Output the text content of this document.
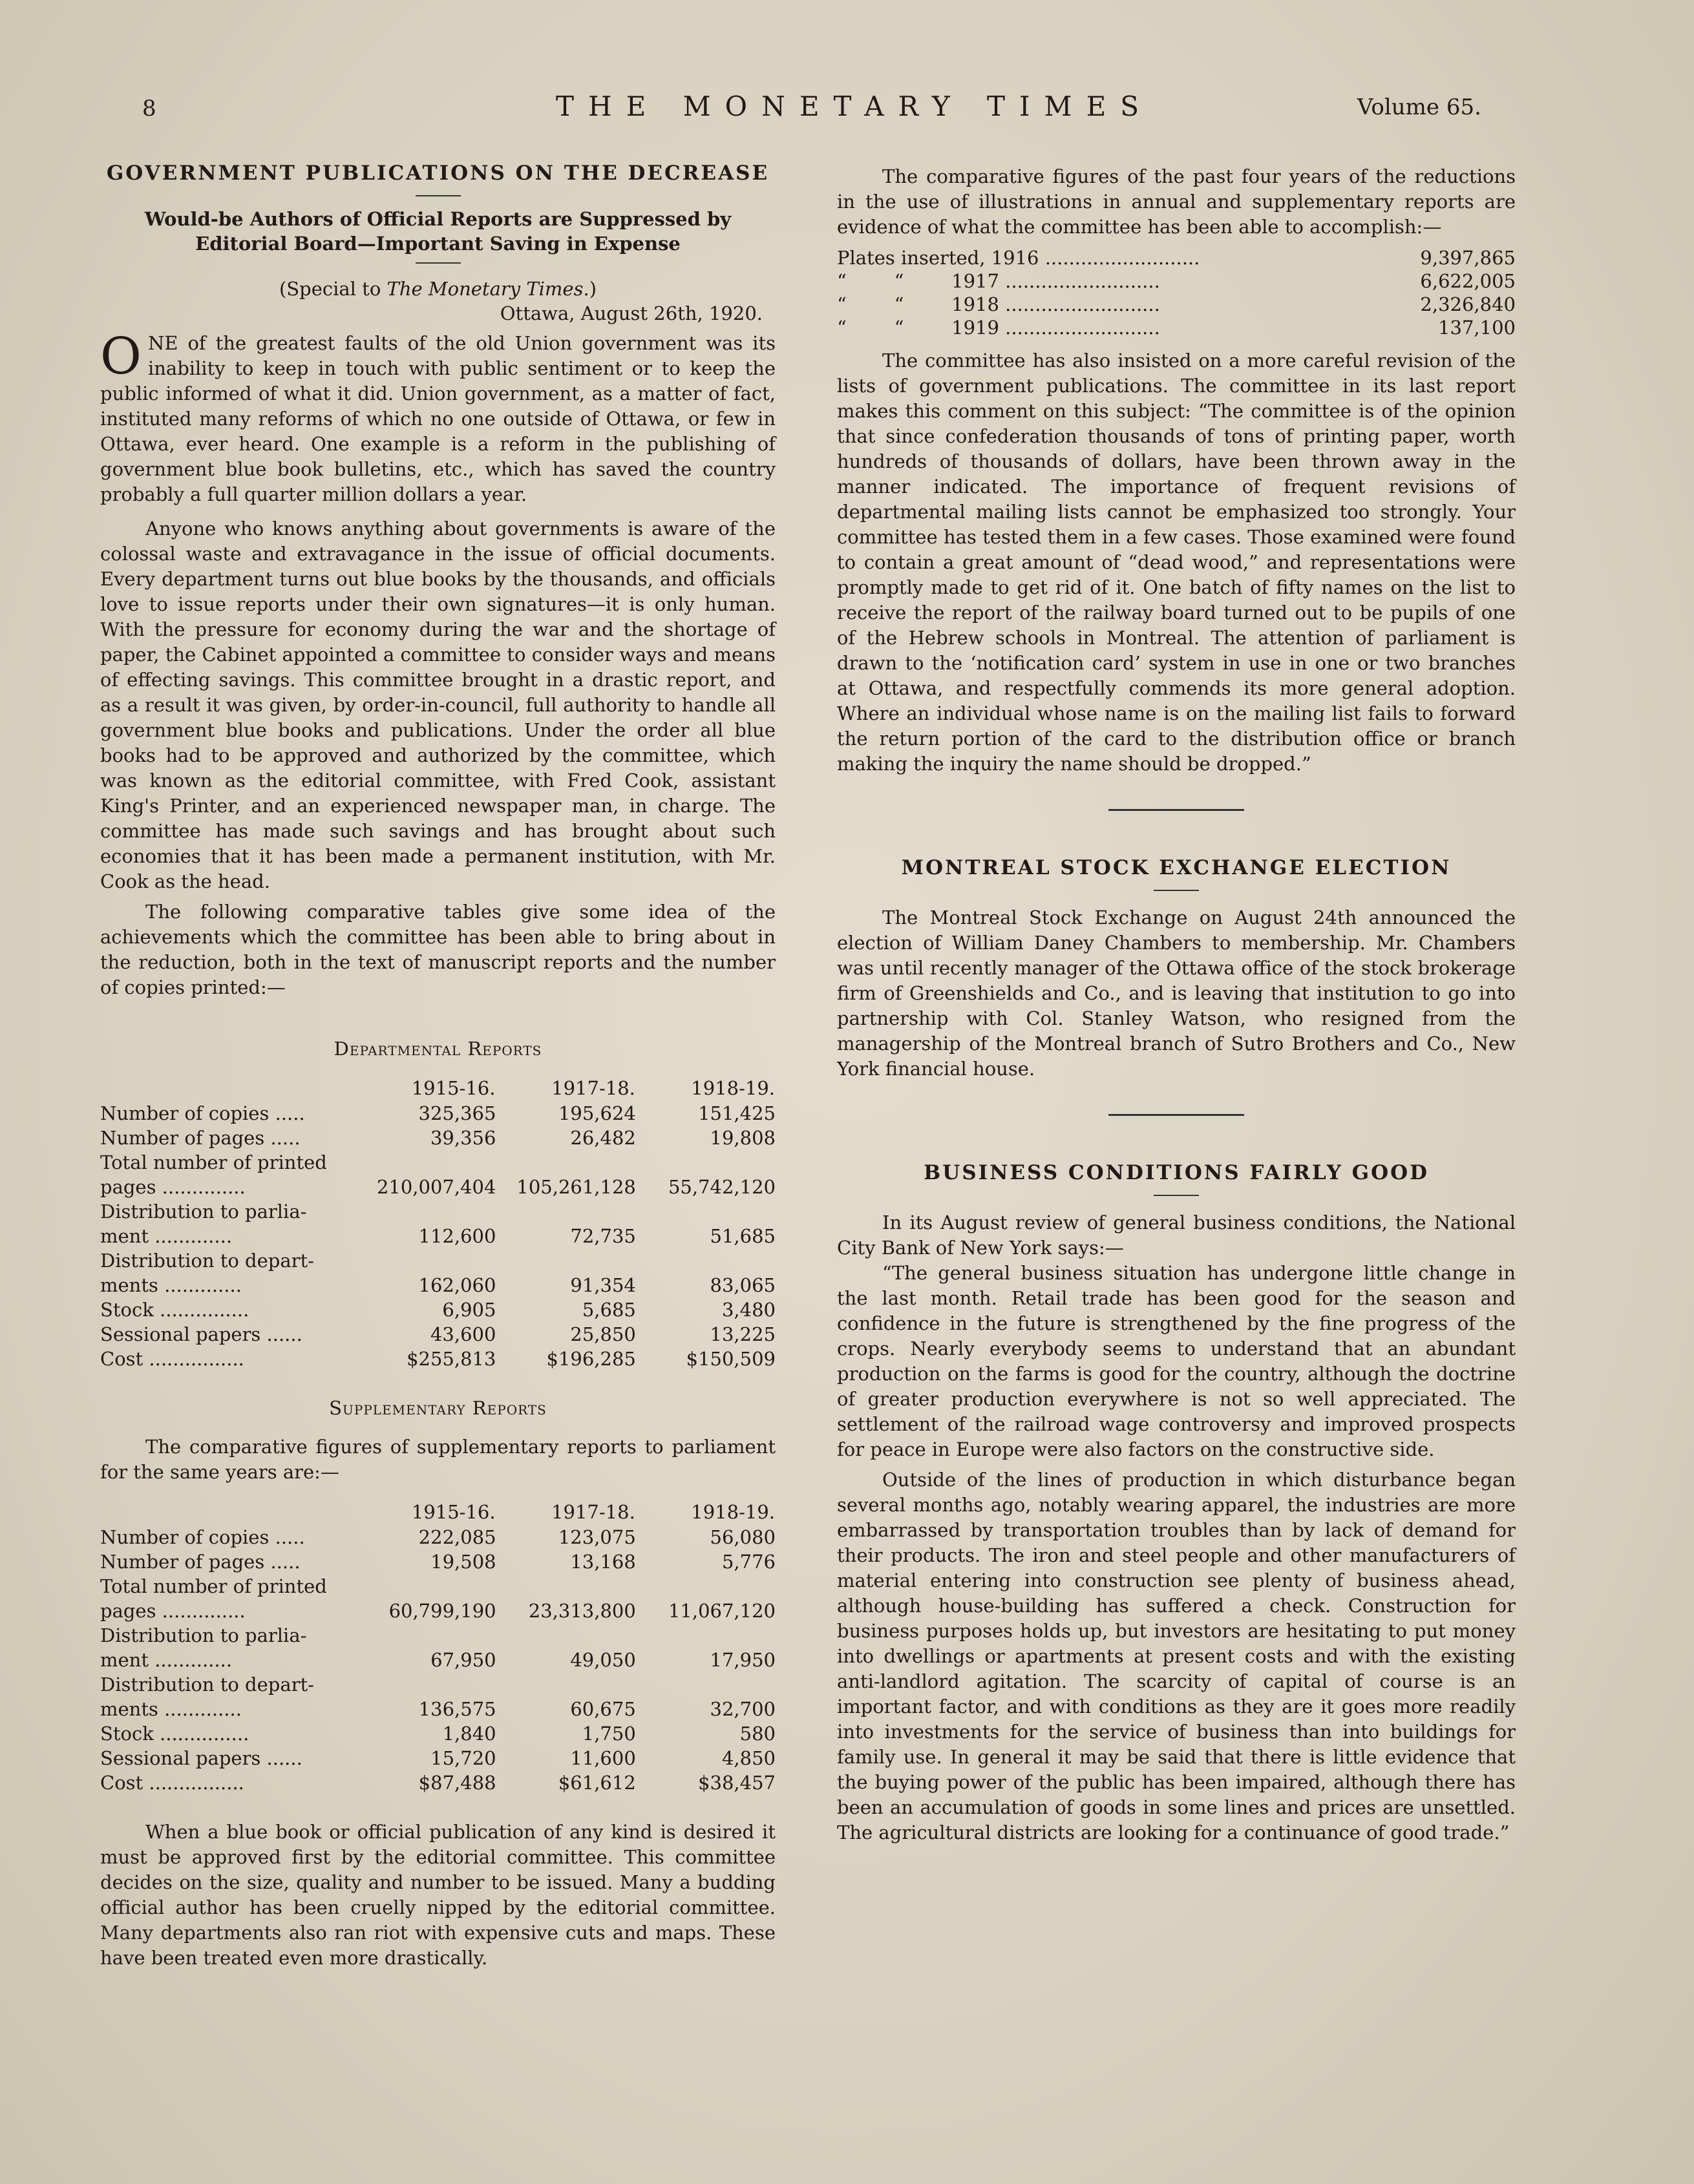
8	THE MONETARY TIMES	Volume 65.
GOVERNMENT PUBLICATIONS ON THE DECREASE
Would-be Authors of Official Reports are Suppressed by Editorial Board—Important Saving in Expense
(Special to The Monetary Times.)
Ottawa, August 26th, 1920.

ONE of the greatest faults of the old Union government was its inability to keep in touch with public sentiment or to keep the public informed of what it did. Union government, as a matter of fact, instituted many reforms of which no one outside of Ottawa, or few in Ottawa, ever heard. One example is a reform in the publishing of government blue book bulletins, etc., which has saved the country probably a full quarter million dollars a year.

Anyone who knows anything about governments is aware of the colossal waste and extravagance in the issue of official documents. Every department turns out blue books by the thousands, and officials love to issue reports under their own signatures—it is only human. With the pressure for economy during the war and the shortage of paper, the Cabinet appointed a committee to consider ways and means of effecting savings. This committee brought in a drastic report, and as a result it was given, by order-in-council, full authority to handle all government blue books and publications. Under the order all blue books had to be approved and authorized by the committee, which was known as the editorial committee, with Fred Cook, assistant King's Printer, and an experienced newspaper man, in charge. The committee has made such savings and has brought about such economies that it has been made a permanent institution, with Mr. Cook as the head.

The following comparative tables give some idea of the achievements which the committee has been able to bring about in the reduction, both in the text of manuscript reports and the number of copies printed:—

Departmental Reports
	1915-16.	1917-18.	1918-19.
Number of copies .....	325,365	195,624	151,425
Number of pages .....	39,356	26,482	19,808
Total number of printed			
pages ..............	210,007,404	105,261,128	55,742,120
Distribution to parlia-			
ment .............	112,600	72,735	51,685
Distribution to depart-			
ments .............	162,060	91,354	83,065
Stock ...............	6,905	5,685	3,480
Sessional papers ......	43,600	25,850	13,225
Cost ................	$255,813	$196,285	$150,509
Supplementary Reports

The comparative figures of supplementary reports to parliament for the same years are:—

	1915-16.	1917-18.	1918-19.
Number of copies .....	222,085	123,075	56,080
Number of pages .....	19,508	13,168	5,776
Total number of printed			
pages ..............	60,799,190	23,313,800	11,067,120
Distribution to parlia-			
ment .............	67,950	49,050	17,950
Distribution to depart-			
ments .............	136,575	60,675	32,700
Stock ...............	1,840	1,750	580
Sessional papers ......	15,720	11,600	4,850
Cost ................	$87,488	$61,612	$38,457

When a blue book or official publication of any kind is desired it must be approved first by the editorial committee. This committee decides on the size, quality and number to be issued. Many a budding official author has been cruelly nipped by the editorial committee. Many departments also ran riot with expensive cuts and maps. These have been treated even more drastically.

The comparative figures of the past four years of the reductions in the use of illustrations in annual and supplementary reports are evidence of what the committee has been able to accomplish:—

Plates inserted, 1916 ..........................	9,397,865
“        “        1917 ..........................	6,622,005
“        “        1918 ..........................	2,326,840
“        “        1919 ..........................	137,100

The committee has also insisted on a more careful revision of the lists of government publications. The committee in its last report makes this comment on this subject: “The committee is of the opinion that since confederation thousands of tons of printing paper, worth hundreds of thousands of dollars, have been thrown away in the manner indicated. The importance of frequent revisions of departmental mailing lists cannot be emphasized too strongly. Your committee has tested them in a few cases. Those examined were found to contain a great amount of “dead wood,” and representations were promptly made to get rid of it. One batch of fifty names on the list to receive the report of the railway board turned out to be pupils of one of the Hebrew schools in Montreal. The attention of parliament is drawn to the ‘notification card’ system in use in one or two branches at Ottawa, and respectfully commends its more general adoption. Where an individual whose name is on the mailing list fails to forward the return portion of the card to the distribution office or branch making the inquiry the name should be dropped.”

MONTREAL STOCK EXCHANGE ELECTION

The Montreal Stock Exchange on August 24th announced the election of William Daney Chambers to membership. Mr. Chambers was until recently manager of the Ottawa office of the stock brokerage firm of Greenshields and Co., and is leaving that institution to go into partnership with Col. Stanley Watson, who resigned from the managership of the Montreal branch of Sutro Brothers and Co., New York financial house.

BUSINESS CONDITIONS FAIRLY GOOD

In its August review of general business conditions, the National City Bank of New York says:—

“The general business situation has undergone little change in the last month. Retail trade has been good for the season and confidence in the future is strengthened by the fine progress of the crops. Nearly everybody seems to understand that an abundant production on the farms is good for the country, although the doctrine of greater production everywhere is not so well appreciated. The settlement of the railroad wage controversy and improved prospects for peace in Europe were also factors on the constructive side.

Outside of the lines of production in which disturbance began several months ago, notably wearing apparel, the industries are more embarrassed by transportation troubles than by lack of demand for their products. The iron and steel people and other manufacturers of material entering into construction see plenty of business ahead, although house-building has suffered a check. Construction for business purposes holds up, but investors are hesitating to put money into dwellings or apartments at present costs and with the existing anti-landlord agitation. The scarcity of capital of course is an important factor, and with conditions as they are it goes more readily into investments for the service of business than into buildings for family use. In general it may be said that there is little evidence that the buying power of the public has been impaired, although there has been an accumulation of goods in some lines and prices are unsettled. The agricultural districts are looking for a continuance of good trade.”
